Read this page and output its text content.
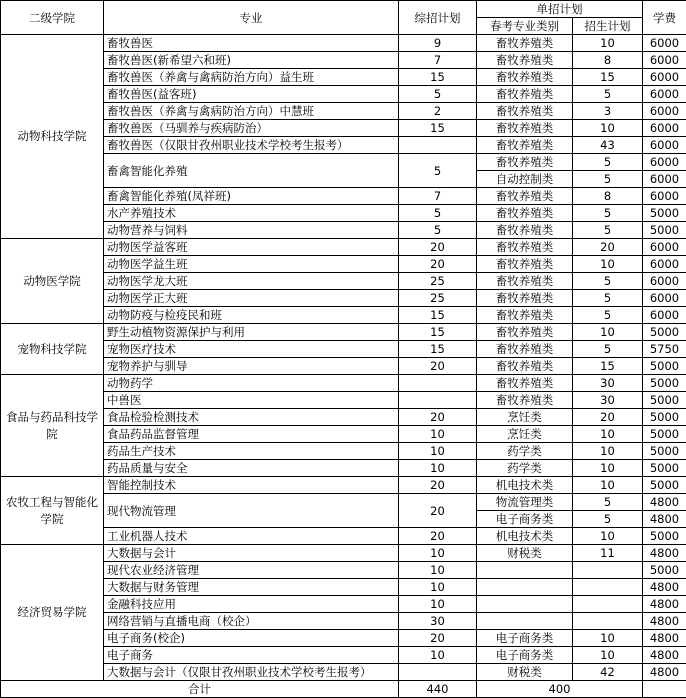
二级学院	专业	综招计划	单招计划		学费
			春考专业类别	招生计划	
动物科技学院	畜牧兽医	9	畜牧养殖类	10	6000
	畜牧兽医(新希望六和班)	7	畜牧养殖类	8	6000
	畜牧兽医（养禽与禽病防治方向）益生班	15	畜牧养殖类	15	6000
	畜牧兽医(益客班)	5	畜牧养殖类	5	6000
	畜牧兽医（养禽与禽病防治方向）中慧班	2	畜牧养殖类	3	6000
	畜牧兽医（马驯养与疾病防治）	15	畜牧养殖类	10	6000
	畜牧兽医（仅限甘孜州职业技术学校考生报考）		畜牧养殖类	43	6000
	畜禽智能化养殖	5	畜牧养殖类	5	6000
			自动控制类	5	6000
	畜禽智能化养殖(凤祥班)	7	畜牧养殖类	8	6000
	水产养殖技术	5	畜牧养殖类	5	5000
	动物营养与饲料	5	畜牧养殖类	5	5000
动物医学院	动物医学益客班	20	畜牧养殖类	20	6000
	动物医学益生班	20	畜牧养殖类	10	6000
	动物医学龙大班	25	畜牧养殖类	5	6000
	动物医学正大班	25	畜牧养殖类	5	6000
	动物防疫与检疫民和班	15	畜牧养殖类	5	6000
宠物科技学院	野生动植物资源保护与利用	15	畜牧养殖类	10	5000
	宠物医疗技术	15	畜牧养殖类	5	5750
	宠物养护与驯导	20	畜牧养殖类	15	5000
食品与药品科技学院	动物药学		畜牧养殖类	30	5000
	中兽医		畜牧养殖类	30	5000
	食品检验检测技术	20	烹饪类	20	5000
	食品药品监督管理	10	烹饪类	10	5000
	药品生产技术	10	药学类	10	5000
	药品质量与安全	10	药学类	10	5000
农牧工程与智能化学院	智能控制技术	20	机电技术类	10	5000
	现代物流管理	20	物流管理类	5	4800
			电子商务类	5	4800
	工业机器人技术	20	机电技术类	10	5000
经济贸易学院	大数据与会计	10	财税类	11	4800
	现代农业经济管理	10			5000
	大数据与财务管理	10			4800
	金融科技应用	10			4800
	网络营销与直播电商（校企）	30			4800
	电子商务(校企)	20	电子商务类	10	4800
	电子商务	10	电子商务类	10	4800
	大数据与会计（仅限甘孜州职业技术学校考生报考）		财税类	42	4800
合计		440	400		
